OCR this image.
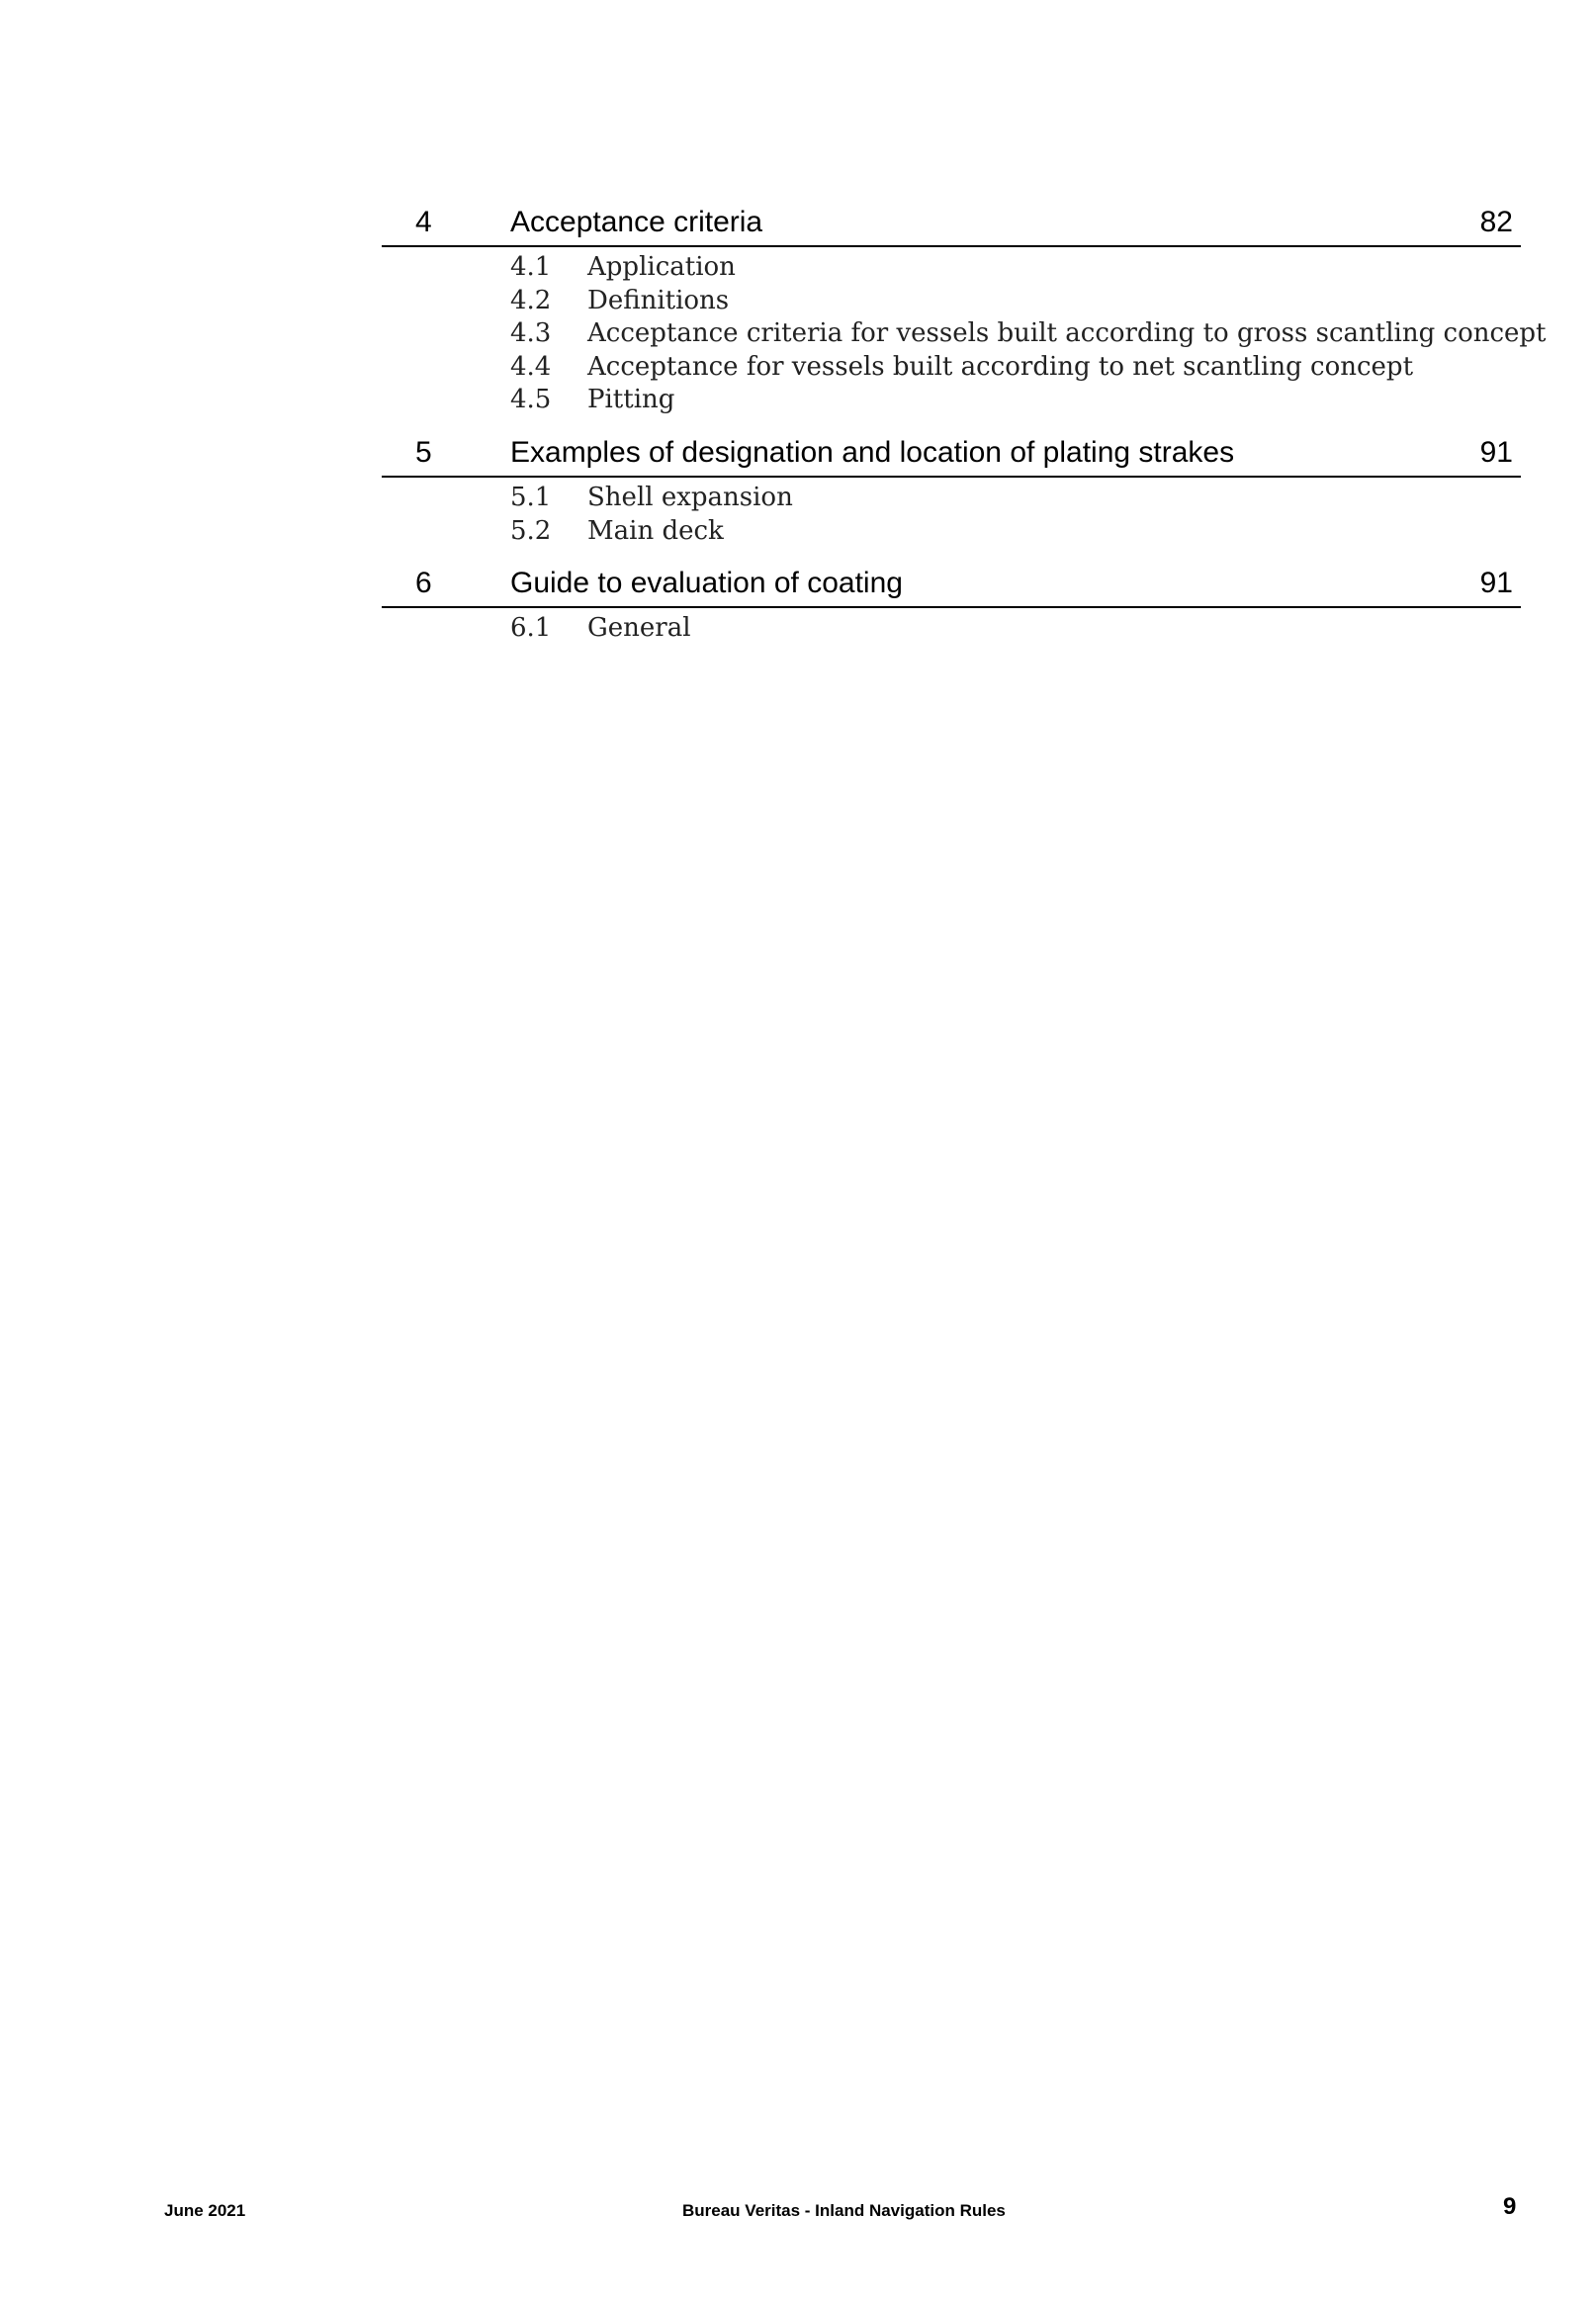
4	Acceptance criteria	82
4.1 Application
4.2 Definitions
4.3 Acceptance criteria for vessels built according to gross scantling concept
4.4 Acceptance for vessels built according to net scantling concept
4.5 Pitting
5	Examples of designation and location of plating strakes	91
5.1 Shell expansion
5.2 Main deck
6	Guide to evaluation of coating	91
6.1 General
June 2021	Bureau Veritas - Inland Navigation Rules	9
